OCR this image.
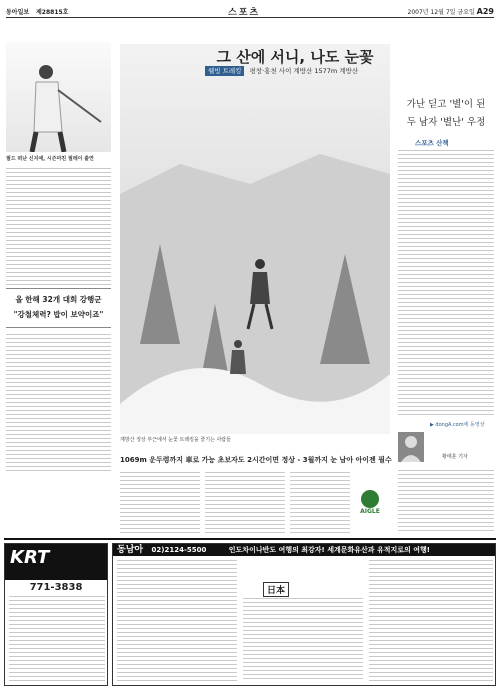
동아일보 제28815호	스포츠	2007년 12월 7일 금요일 A29
필드 떠난 신지애, 시즌마친 필레이 출연
올 한해 32개 대회 강행군
"강철체력? 밥이 보약이죠"
그 산에 서니, 나도 눈꽃
웰빙 트레킹 평창·홍천 사이 계방산 1577m 계방산
계방산 정상 부근에서 눈꽃 트레킹을 즐기는 사람들
1069m 운두령까지 車로 가능 초보자도 2시간이면 정상 - 3월까지 눈 남아 아이젠 필수
AIGLE
가난 딛고 '별'이 된
두 남자 '별난' 우정
스포츠 산책
▶ dongA.com에 동영상
황태훈 기자
KRT
771-3838
동남아 02)2124-5500	인도차이나반도 여행의 최강자! 세계문화유산과 유적지로의 여행!
日本
